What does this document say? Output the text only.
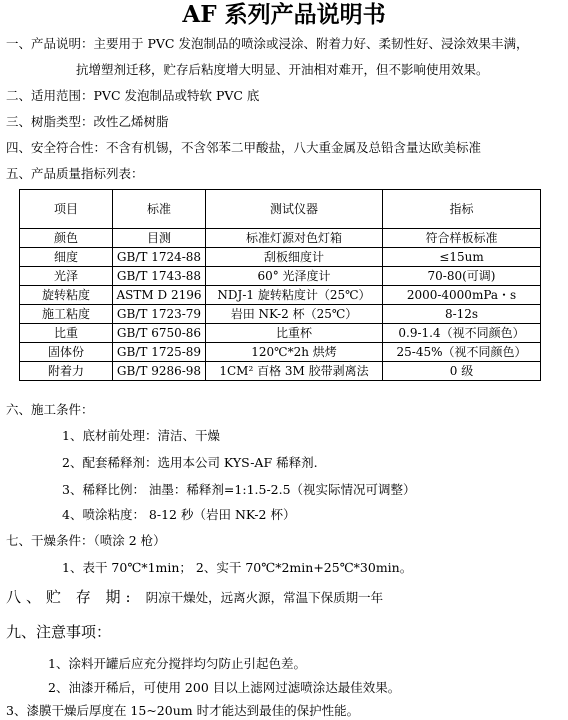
AF 系列产品说明书
一、产品说明：主要用于 PVC 发泡制品的喷涂或浸涂、附着力好、柔韧性好、浸涂效果丰满，
抗增塑剂迁移，贮存后粘度增大明显、开油相对难开，但不影响使用效果。
二、适用范围：PVC 发泡制品或特软 PVC 底
三、树脂类型：改性乙烯树脂
四、安全符合性：不含有机锡，不含邻苯二甲酸盐，八大重金属及总铅含量达欧美标准
五、产品质量指标列表：
项目	标准	测试仪器	指标
颜色	目测	标准灯源对色灯箱	符合样板标准
细度	GB/T 1724-88	刮板细度计	≤15um
光泽	GB/T 1743-88	60° 光泽度计	70-80(可调)
旋转粘度	ASTM D 2196	NDJ-1 旋转粘度计（25℃）	2000-4000mPa・s
施工粘度	GB/T 1723-79	岩田 NK-2 杯（25℃）	8-12s
比重	GB/T 6750-86	比重杯	0.9-1.4（视不同颜色）
固体份	GB/T 1725-89	120℃*2h 烘烤	25-45%（视不同颜色）
附着力	GB/T 9286-98	1CM² 百格 3M 胶带剥离法	0 级
六、施工条件：
1、底材前处理：清洁、干燥
2、配套稀释剂：选用本公司 KYS-AF 稀释剂.
3、稀释比例： 油墨：稀释剂=1:1.5-2.5（视实际情况可调整）
4、喷涂粘度： 8-12 秒（岩田 NK-2 杯）
七、干燥条件：（喷涂 2 枪）
1、表干 70℃*1min； 2、实干 70℃*2min+25℃*30min。
八、贮 存 期: 阴凉干燥处，远离火源，常温下保质期一年
九、注意事项：
1、涂料开罐后应充分搅拌均匀防止引起色差。
2、油漆开稀后，可使用 200 目以上滤网过滤喷涂达最佳效果。
3、漆膜干燥后厚度在 15~20um 时才能达到最佳的保护性能。
